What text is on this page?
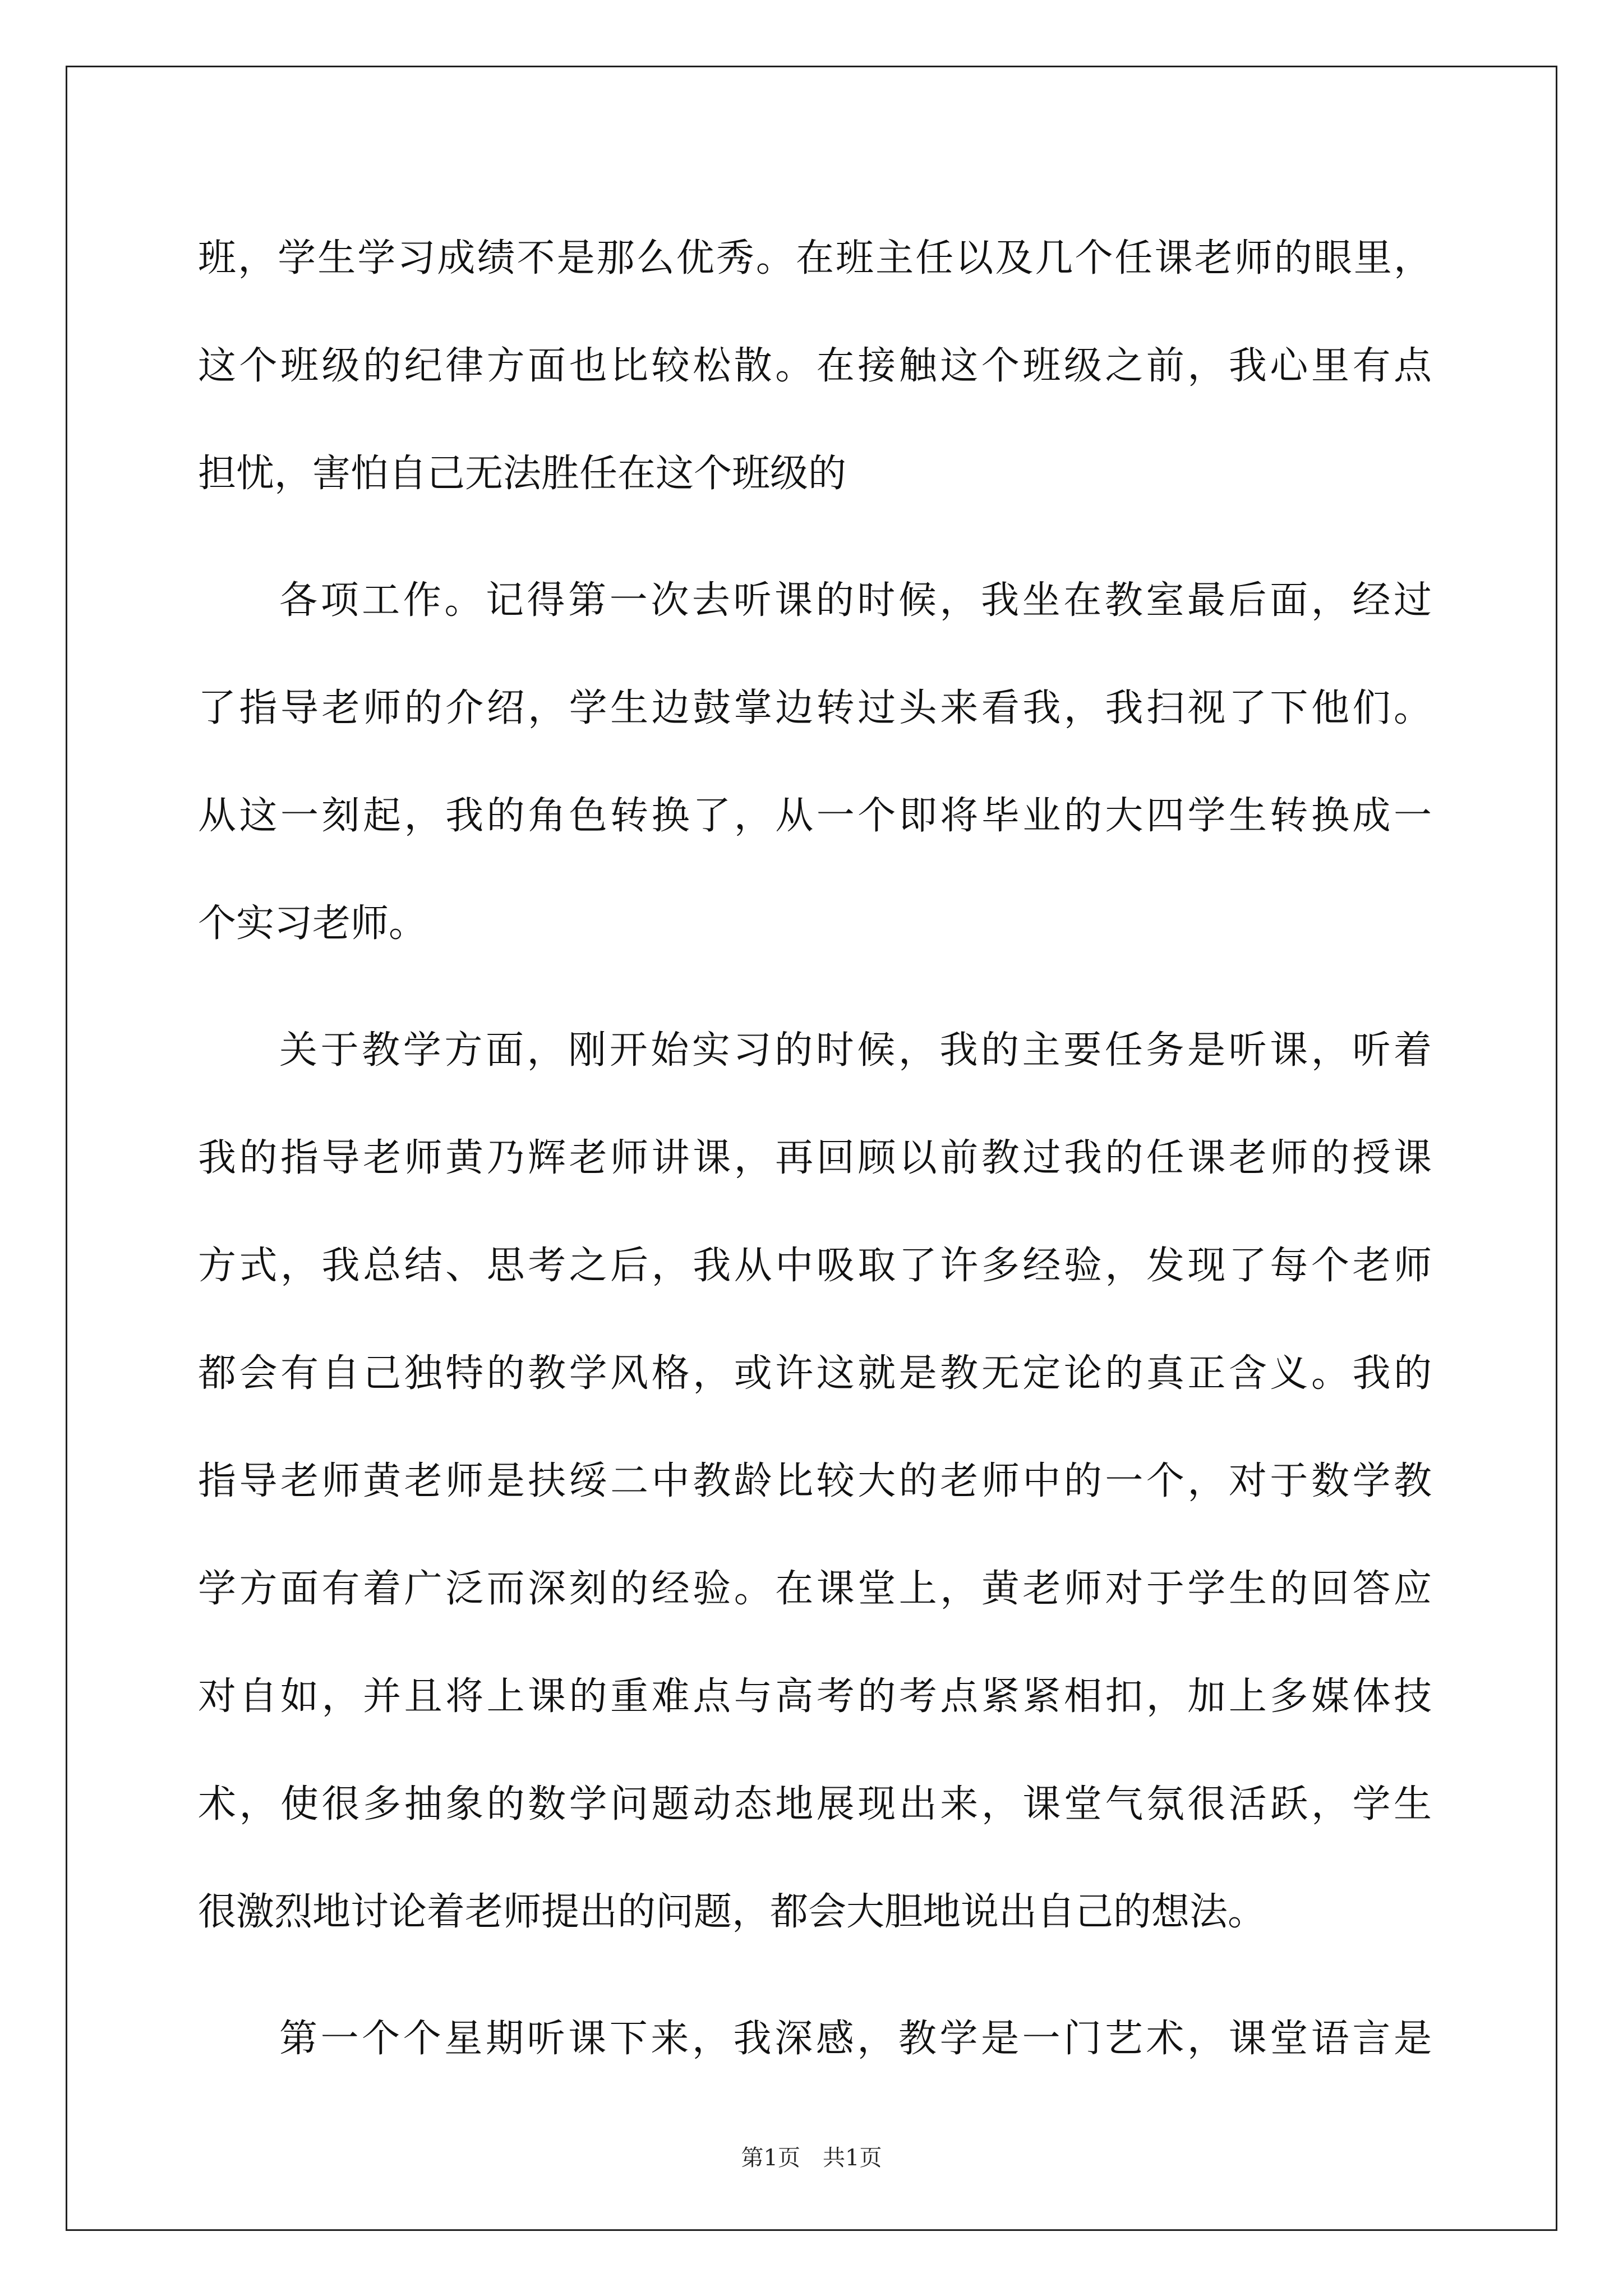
班，学生学习成绩不是那么优秀。在班主任以及几个任课老师的眼里，
这个班级的纪律方面也比较松散。在接触这个班级之前，我心里有点
担忧，害怕自己无法胜任在这个班级的
各项工作。记得第一次去听课的时候，我坐在教室最后面，经过
了指导老师的介绍，学生边鼓掌边转过头来看我，我扫视了下他们。
从这一刻起，我的角色转换了，从一个即将毕业的大四学生转换成一
个实习老师。
关于教学方面，刚开始实习的时候，我的主要任务是听课，听着
我的指导老师黄乃辉老师讲课，再回顾以前教过我的任课老师的授课
方式，我总结、思考之后，我从中吸取了许多经验，发现了每个老师
都会有自己独特的教学风格，或许这就是教无定论的真正含义。我的
指导老师黄老师是扶绥二中教龄比较大的老师中的一个，对于数学教
学方面有着广泛而深刻的经验。在课堂上，黄老师对于学生的回答应
对自如，并且将上课的重难点与高考的考点紧紧相扣，加上多媒体技
术，使很多抽象的数学问题动态地展现出来，课堂气氛很活跃，学生
很激烈地讨论着老师提出的问题，都会大胆地说出自己的想法。
第一个个星期听课下来，我深感，教学是一门艺术，课堂语言是
第1页　共1页
